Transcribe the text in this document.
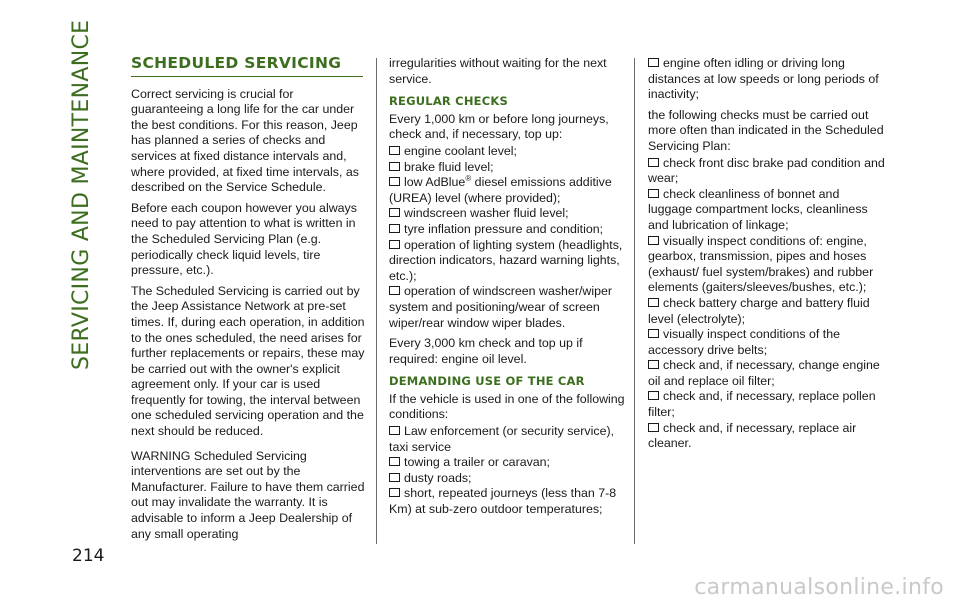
SERVICING AND MAINTENANCE
214
SCHEDULED SERVICING

Correct servicing is crucial for guaranteeing a long life for the car under the best conditions. For this reason, Jeep has planned a series of checks and services at fixed distance intervals and, where provided, at fixed time intervals, as described on the Service Schedule.

Before each coupon however you always need to pay attention to what is written in the Scheduled Servicing Plan (e.g. periodically check liquid levels, tire pressure, etc.).

The Scheduled Servicing is carried out by the Jeep Assistance Network at pre-set times. If, during each operation, in addition to the ones scheduled, the need arises for further replacements or repairs, these may be carried out with the owner's explicit agreement only. If your car is used frequently for towing, the interval between one scheduled servicing operation and the next should be reduced.

WARNING Scheduled Servicing interventions are set out by the Manufacturer. Failure to have them carried out may invalidate the warranty. It is advisable to inform a Jeep Dealership of any small operating

irregularities without waiting for the next service.

REGULAR CHECKS

Every 1,000 km or before long journeys, check and, if necessary, top up:

engine coolant level;
brake fluid level;
low AdBlue® diesel emissions additive (UREA) level (where provided);
windscreen washer fluid level;
tyre inflation pressure and condition;
operation of lighting system (headlights, direction indicators, hazard warning lights, etc.);
operation of windscreen washer/wiper system and positioning/wear of screen wiper/rear window wiper blades.

Every 3,000 km check and top up if required: engine oil level.

DEMANDING USE OF THE CAR

If the vehicle is used in one of the following conditions:

Law enforcement (or security service), taxi service
towing a trailer or caravan;
dusty roads;
short, repeated journeys (less than 7-8 Km) at sub-zero outdoor temperatures;
engine often idling or driving long distances at low speeds or long periods of inactivity;

the following checks must be carried out more often than indicated in the Scheduled Servicing Plan:

check front disc brake pad condition and wear;
check cleanliness of bonnet and luggage compartment locks, cleanliness and lubrication of linkage;
visually inspect conditions of: engine, gearbox, transmission, pipes and hoses (exhaust/ fuel system/brakes) and rubber elements (gaiters/sleeves/bushes, etc.);
check battery charge and battery fluid level (electrolyte);
visually inspect conditions of the accessory drive belts;
check and, if necessary, change engine oil and replace oil filter;
check and, if necessary, replace pollen filter;
check and, if necessary, replace air cleaner.
carmanualsonline.info
